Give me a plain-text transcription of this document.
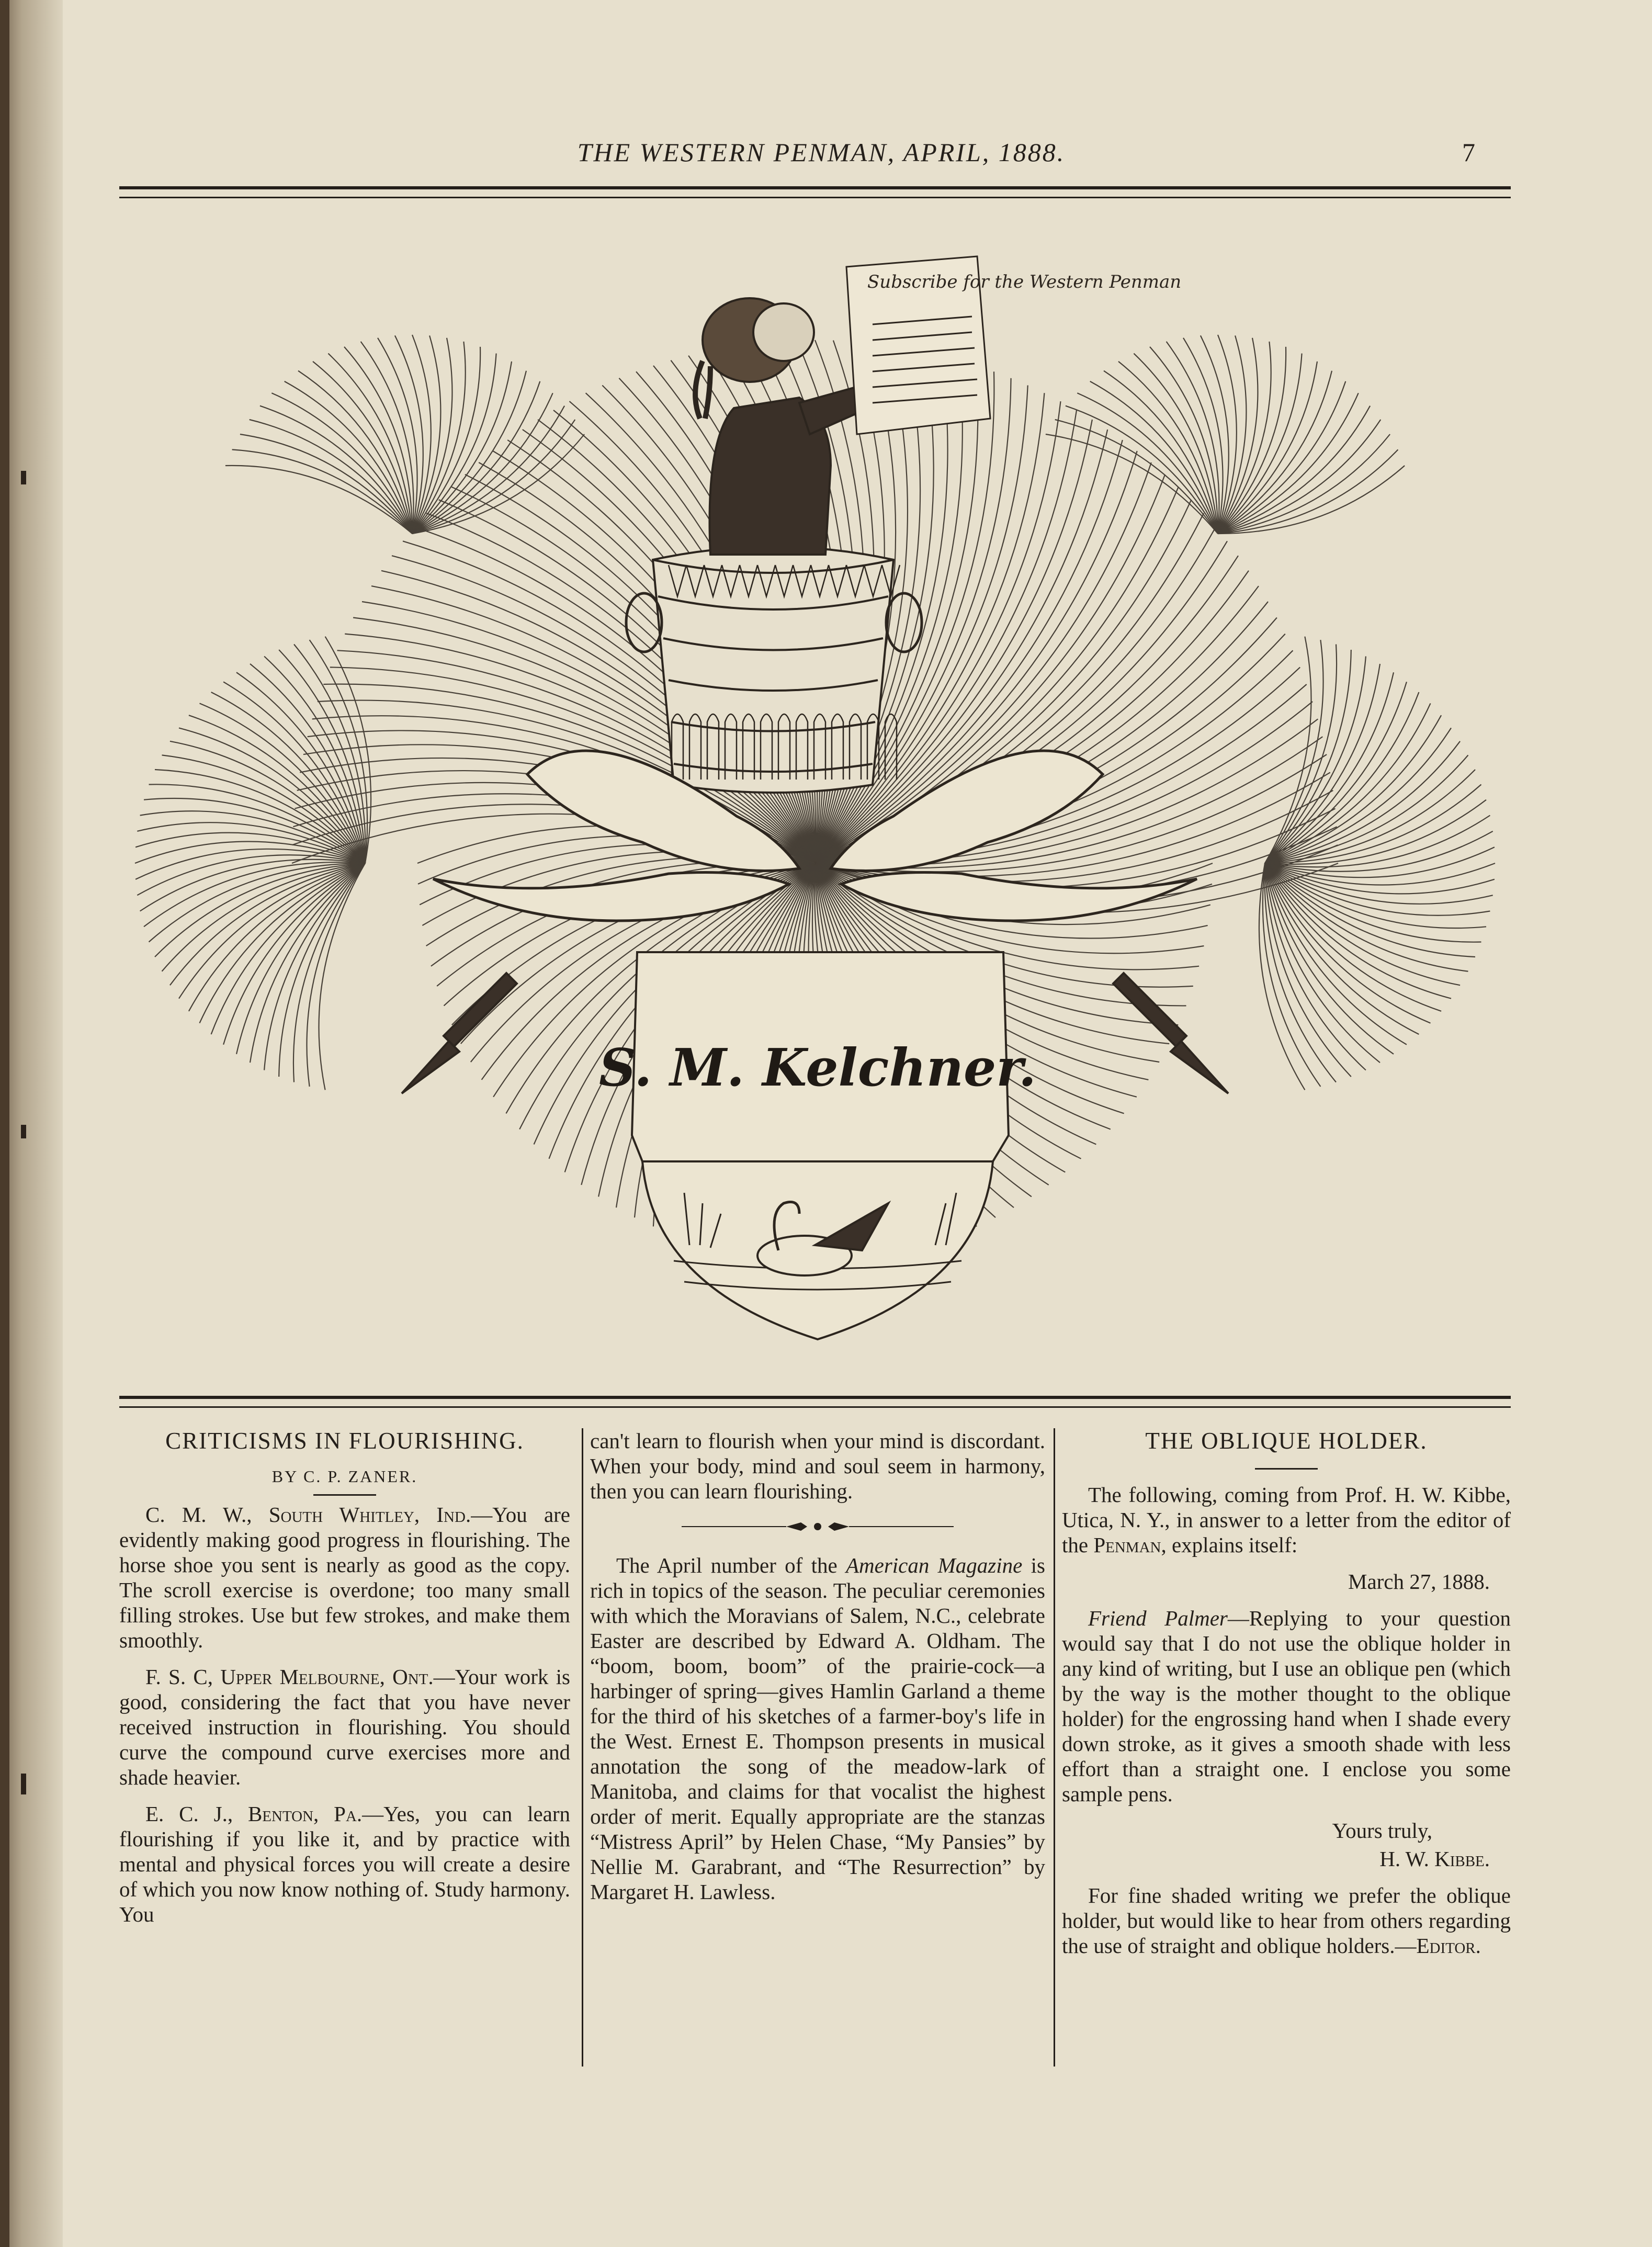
THE WESTERN PENMAN, APRIL, 1888.	7
Subscribe for the Western Penman
S. M. Kelchner.
CRITICISMS IN FLOURISHING.
BY C. P. ZANER.

C. M. W., South Whitley, Ind.—You are evidently making good progress in flourishing. The horse shoe you sent is nearly as good as the copy. The scroll exercise is overdone; too many small filling strokes. Use but few strokes, and make them smoothly.

F. S. C, Upper Melbourne, Ont.—Your work is good, considering the fact that you have never received instruction in flourishing. You should curve the compound curve exercises more and shade heavier.

E. C. J., Benton, Pa.—Yes, you can learn flourishing if you like it, and by practice with mental and physical forces you will create a desire of which you now know nothing of. Study harmony. You

can't learn to flourish when your mind is discordant. When your body, mind and soul seem in harmony, then you can learn flourishing.

The April number of the American Magazine is rich in topics of the season. The peculiar ceremonies with which the Moravians of Salem, N.C., celebrate Easter are described by Edward A. Oldham. The “boom, boom, boom” of the prairie-cock—a harbinger of spring—gives Hamlin Garland a theme for the third of his sketches of a farmer-boy's life in the West. Ernest E. Thompson presents in musical annotation the song of the meadow-lark of Manitoba, and claims for that vocalist the highest order of merit. Equally appropriate are the stanzas “Mistress April” by Helen Chase, “My Pansies” by Nellie M. Garabrant, and “The Resurrection” by Margaret H. Lawless.

THE OBLIQUE HOLDER.

The following, coming from Prof. H. W. Kibbe, Utica, N. Y., in answer to a letter from the editor of the Penman, explains itself:

March 27, 1888.

Friend Palmer—Replying to your question would say that I do not use the oblique holder in any kind of writing, but I use an oblique pen (which by the way is the mother thought to the oblique holder) for the engrossing hand when I shade every down stroke, as it gives a smooth shade with less effort than a straight one. I enclose you some sample pens.

Yours truly,

H. W. Kibbe.

For fine shaded writing we prefer the oblique holder, but would like to hear from others regarding the use of straight and oblique holders.—Editor.
